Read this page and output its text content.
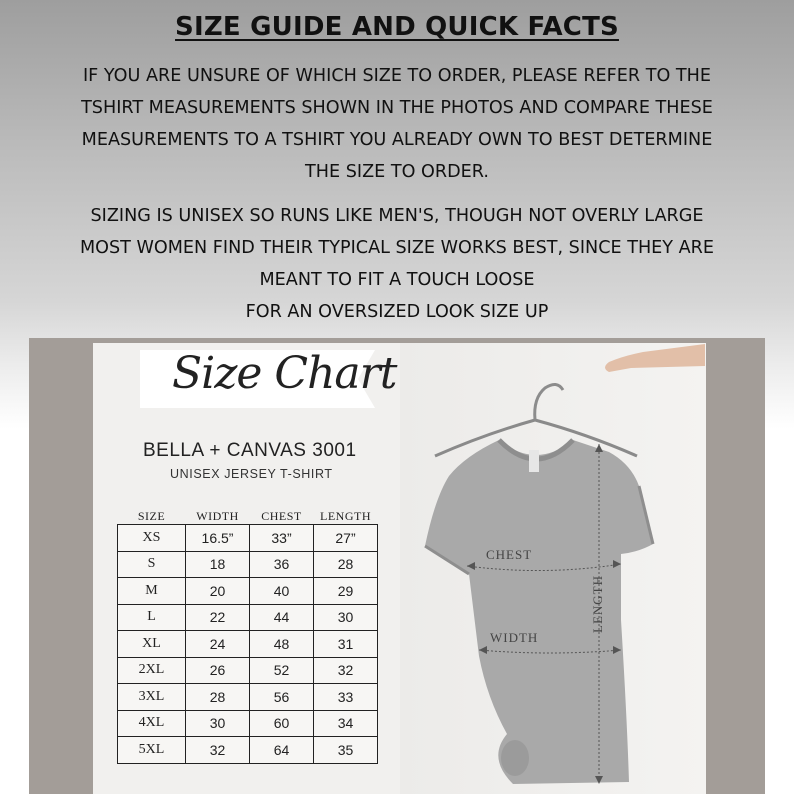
SIZE GUIDE AND QUICK FACTS

IF YOU ARE UNSURE OF WHICH SIZE TO ORDER, PLEASE REFER TO THE
TSHIRT MEASUREMENTS SHOWN IN THE PHOTOS AND COMPARE THESE
MEASUREMENTS TO A TSHIRT YOU ALREADY OWN TO BEST DETERMINE
THE SIZE TO ORDER.

SIZING IS UNISEX SO RUNS LIKE MEN'S, THOUGH NOT OVERLY LARGE
MOST WOMEN FIND THEIR TYPICAL SIZE WORKS BEST, SINCE THEY ARE
MEANT TO FIT A TOUCH LOOSE
FOR AN OVERSIZED LOOK SIZE UP

Size Chart
BELLA + CANVAS 3001
UNISEX JERSEY T-SHIRT
SIZE	WIDTH	CHEST	LENGTH
XS	16.5”	33”	27”
S	18	36	28
M	20	40	29
L	22	44	30
XL	24	48	31
2XL	26	52	32
3XL	28	56	33
4XL	30	60	34
5XL	32	64	35
CHEST
WIDTH
LENGTH
